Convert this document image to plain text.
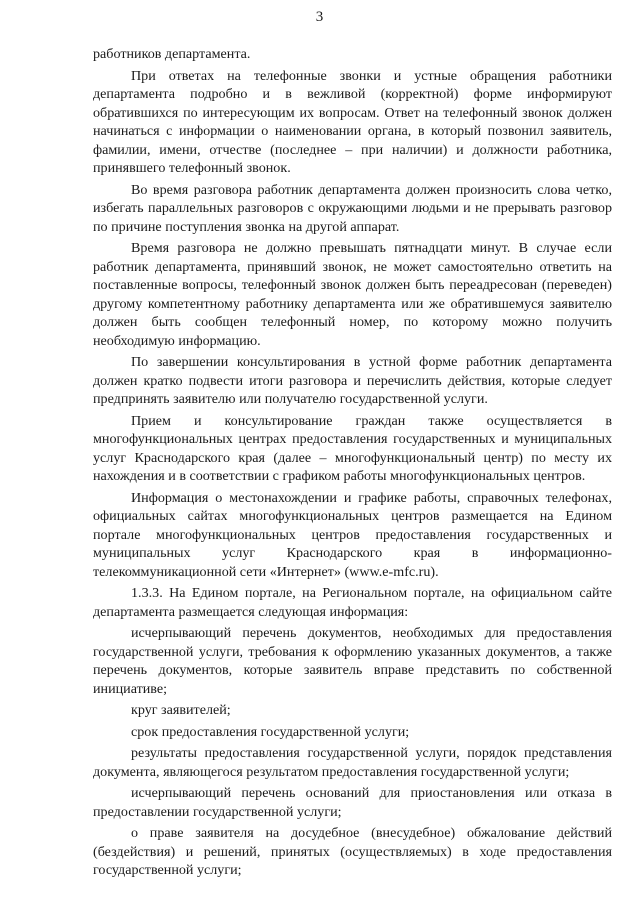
3

работников департамента.

При ответах на телефонные звонки и устные обращения работники департамента подробно и в вежливой (корректной) форме информируют обратившихся по интересующим их вопросам. Ответ на телефонный звонок должен начинаться с информации о наименовании органа, в который позвонил заявитель, фамилии, имени, отчестве (последнее – при наличии) и должности работника, принявшего телефонный звонок.

Во время разговора работник департамента должен произносить слова четко, избегать параллельных разговоров с окружающими людьми и не прерывать разговор по причине поступления звонка на другой аппарат.

Время разговора не должно превышать пятнадцати минут. В случае если работник департамента, принявший звонок, не может самостоятельно ответить на поставленные вопросы, телефонный звонок должен быть переадресован (переведен) другому компетентному работнику департамента или же обратившемуся заявителю должен быть сообщен телефонный номер, по которому можно получить необходимую информацию.

По завершении консультирования в устной форме работник департамента должен кратко подвести итоги разговора и перечислить действия, которые следует предпринять заявителю или получателю государственной услуги.

Прием и консультирование граждан также осуществляется в многофункциональных центрах предоставления государственных и муниципальных услуг Краснодарского края (далее – многофункциональный центр) по месту их нахождения и в соответствии с графиком работы многофункциональных центров.

Информация о местонахождении и графике работы, справочных телефонах, официальных сайтах многофункциональных центров размещается на Едином портале многофункциональных центров предоставления государственных и муниципальных услуг Краснодарского края в информационно-телекоммуникационной сети «Интернет» (www.e-mfc.ru).

1.3.3. На Едином портале, на Региональном портале, на официальном сайте департамента размещается следующая информация:

исчерпывающий перечень документов, необходимых для предоставления государственной услуги, требования к оформлению указанных документов, а также перечень документов, которые заявитель вправе представить по собственной инициативе;

круг заявителей;

срок предоставления государственной услуги;

результаты предоставления государственной услуги, порядок представления документа, являющегося результатом предоставления государственной услуги;

исчерпывающий перечень оснований для приостановления или отказа в предоставлении государственной услуги;

о праве заявителя на досудебное (внесудебное) обжалование действий (бездействия) и решений, принятых (осуществляемых) в ходе предоставления государственной услуги;
